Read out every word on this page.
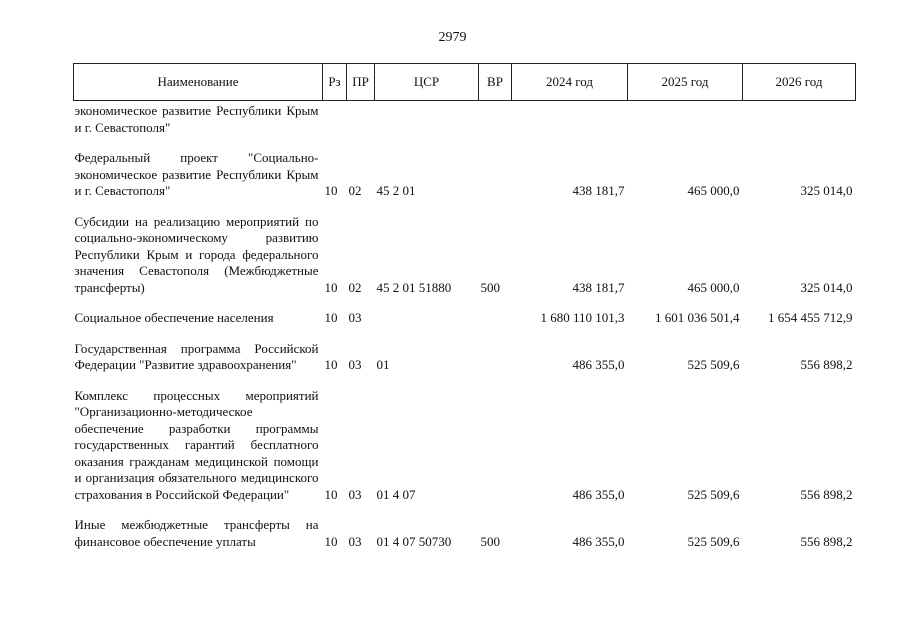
2979
Наименование	Рз	ПР	ЦСР	ВР	2024 год	2025 год	2026 год
экономическое развитие Республики Крым и г. Севастополя"							
Федеральный проект "Социально-экономическое развитие Республики Крым и г. Севастополя"	10	02	45 2 01		438 181,7	465 000,0	325 014,0
Субсидии на реализацию мероприятий по социально-экономическому развитию Республики Крым и города федерального значения Севастополя (Межбюджетные трансферты)	10	02	45 2 01 51880	500	438 181,7	465 000,0	325 014,0
Социальное обеспечение населения	10	03			1 680 110 101,3	1 601 036 501,4	1 654 455 712,9
Государственная программа Российской Федерации "Развитие здравоохранения"	10	03	01		486 355,0	525 509,6	556 898,2
Комплекс процессных мероприятий "Организационно-методическое обеспечение разработки программы государственных гарантий бесплатного оказания гражданам медицинской помощи и организация обязательного медицинского страхования в Российской Федерации"	10	03	01 4 07		486 355,0	525 509,6	556 898,2
Иные межбюджетные трансферты на финансовое обеспечение уплаты	10	03	01 4 07 50730	500	486 355,0	525 509,6	556 898,2
